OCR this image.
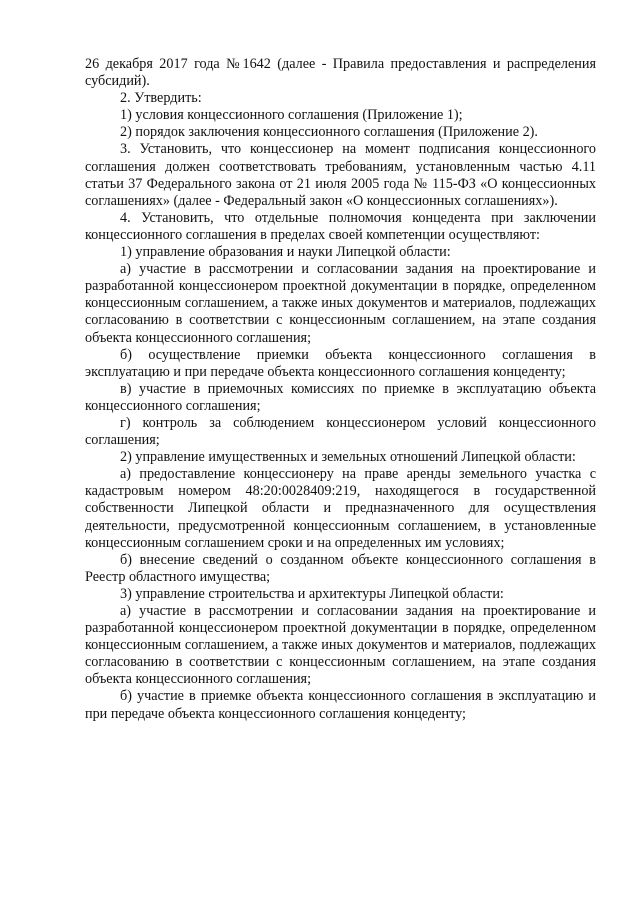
26 декабря 2017 года №1642 (далее - Правила предоставления и распределения субсидий).

2. Утвердить:

1) условия концессионного соглашения (Приложение 1);

2) порядок заключения концессионного соглашения (Приложение 2).

3. Установить, что концессионер на момент подписания концессионного соглашения должен соответствовать требованиям, установленным частью 4.11 статьи 37 Федерального закона от 21 июля 2005 года № 115-ФЗ «О концессионных соглашениях» (далее - Федеральный закон «О концессионных соглашениях»).

4. Установить, что отдельные полномочия концедента при заключении концессионного соглашения в пределах своей компетенции осуществляют:

1) управление образования и науки Липецкой области:

а) участие в рассмотрении и согласовании задания на проектирование и разработанной концессионером проектной документации в порядке, определенном концессионным соглашением, а также иных документов и материалов, подлежащих согласованию в соответствии с концессионным соглашением, на этапе создания объекта концессионного соглашения;

б) осуществление приемки объекта концессионного соглашения в эксплуатацию и при передаче объекта концессионного соглашения концеденту;

в) участие в приемочных комиссиях по приемке в эксплуатацию объекта концессионного соглашения;

г) контроль за соблюдением концессионером условий концессионного соглашения;

2) управление имущественных и земельных отношений Липецкой области:

а) предоставление концессионеру на праве аренды земельного участка с кадастровым номером 48:20:0028409:219, находящегося в государственной собственности Липецкой области и предназначенного для осуществления деятельности, предусмотренной концессионным соглашением, в установленные концессионным соглашением сроки и на определенных им условиях;

б) внесение сведений о созданном объекте концессионного соглашения в Реестр областного имущества;

3) управление строительства и архитектуры Липецкой области:

а) участие в рассмотрении и согласовании задания на проектирование и разработанной концессионером проектной документации в порядке, определенном концессионным соглашением, а также иных документов и материалов, подлежащих согласованию в соответствии с концессионным соглашением, на этапе создания объекта концессионного соглашения;

б) участие в приемке объекта концессионного соглашения в эксплуатацию и при передаче объекта концессионного соглашения концеденту;
